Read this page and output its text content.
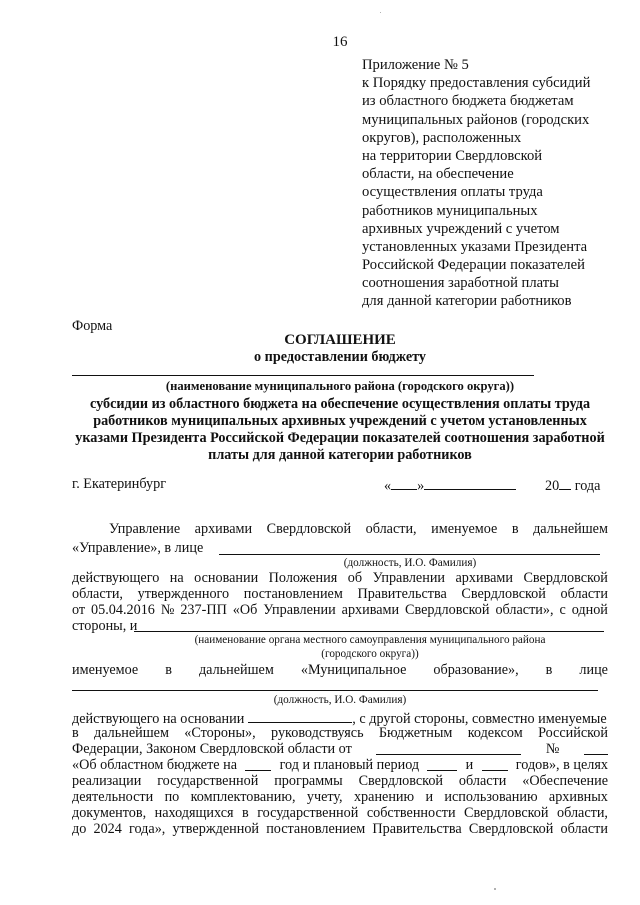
16
Приложение № 5
к Порядку предоставления субсидий
из областного бюджета бюджетам
муниципальных районов (городских
округов), расположенных
на территории Свердловской
области, на обеспечение
осуществления оплаты труда
работников муниципальных
архивных учреждений с учетом
установленных указами Президента
Российской Федерации показателей
соотношения заработной платы
для данной категории работников
Форма
СОГЛАШЕНИЕ
о предоставлении бюджету
(наименование муниципального района (городского округа))
субсидии из областного бюджета на обеспечение осуществления оплаты труда
работников муниципальных архивных учреждений с учетом установленных
указами Президента Российской Федерации показателей соотношения заработной
платы для данной категории работников
г. Екатеринбург	« »	20 года
Управление архивами Свердловской области, именуемое в дальнейшем
«Управление», в лице
(должность, И.О. Фамилия)
действующего на основании Положения об Управлении архивами Свердловской
области, утвержденного постановлением Правительства Свердловской области
от 05.04.2016 № 237-ПП «Об Управлении архивами Свердловской области», с одной
стороны, и
(наименование органа местного самоуправления муниципального района
(городского округа))
именуемое в дальнейшем «Муниципальное образование», в лице
(должность, И.О. Фамилия)
действующего на основании	, с другой стороны, совместно именуемые
в дальнейшем «Стороны», руководствуясь Бюджетным кодексом Российской
Федерации, Законом Свердловской области от	№
«Об областном бюджете на	год и плановый период	и	годов», в целях
реализации государственной программы Свердловской области «Обеспечение
деятельности по комплектованию, учету, хранению и использованию архивных
документов, находящихся в государственной собственности Свердловской области,
до 2024 года», утвержденной постановлением Правительства Свердловской области
